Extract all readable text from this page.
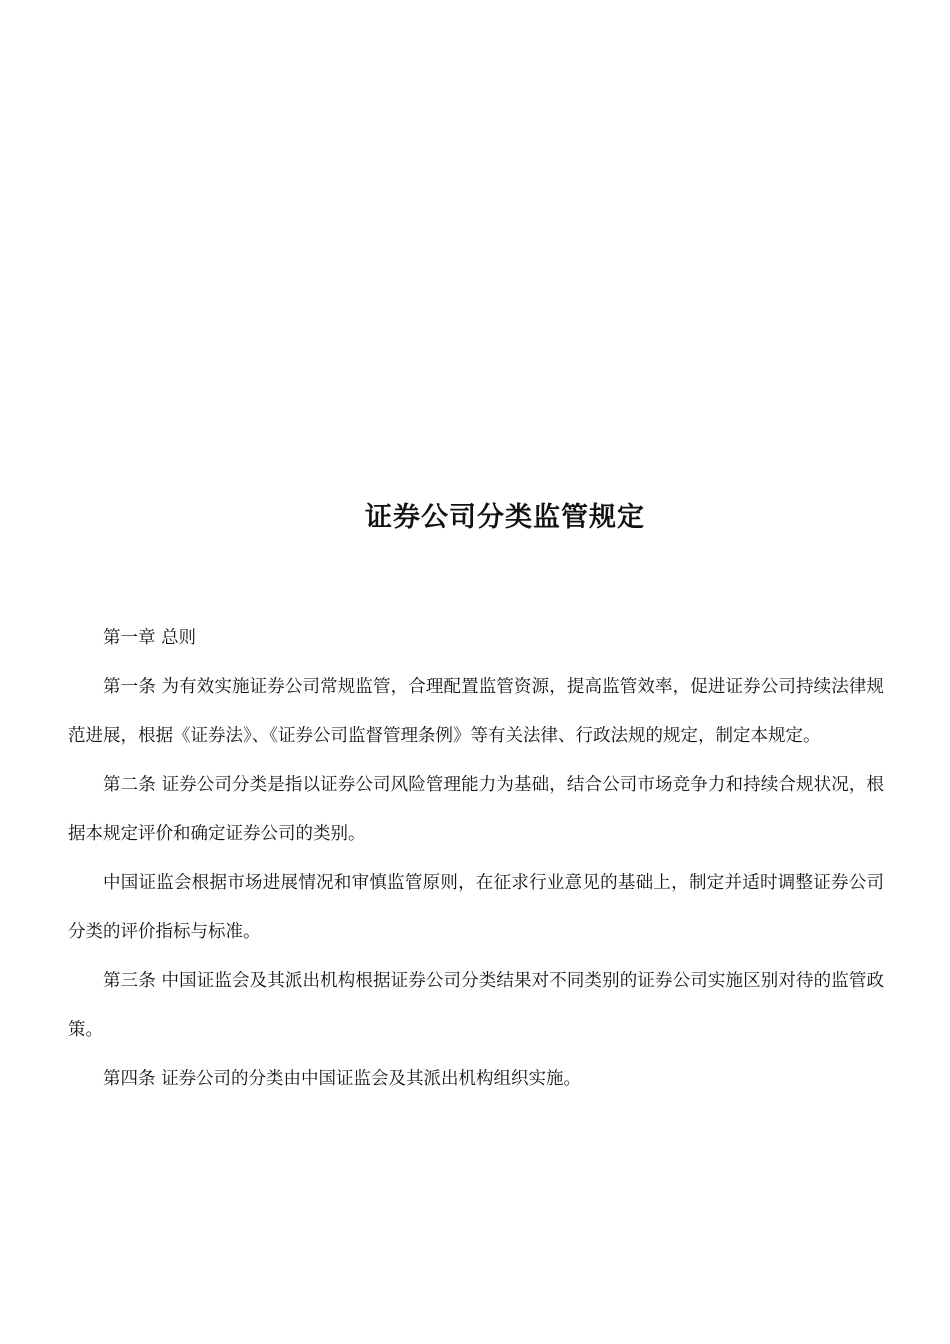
证券公司分类监管规定

第一章 总则

第一条 为有效实施证券公司常规监管，合理配置监管资源，提高监管效率，促进证券公司持续法律规范进展，根据《证券法》、《证券公司监督管理条例》等有关法律、行政法规的规定，制定本规定。

第二条 证券公司分类是指以证券公司风险管理能力为基础，结合公司市场竞争力和持续合规状况，根据本规定评价和确定证券公司的类别。

中国证监会根据市场进展情况和审慎监管原则，在征求行业意见的基础上，制定并适时调整证券公司分类的评价指标与标准。

第三条 中国证监会及其派出机构根据证券公司分类结果对不同类别的证券公司实施区别对待的监管政策。

第四条 证券公司的分类由中国证监会及其派出机构组织实施。
